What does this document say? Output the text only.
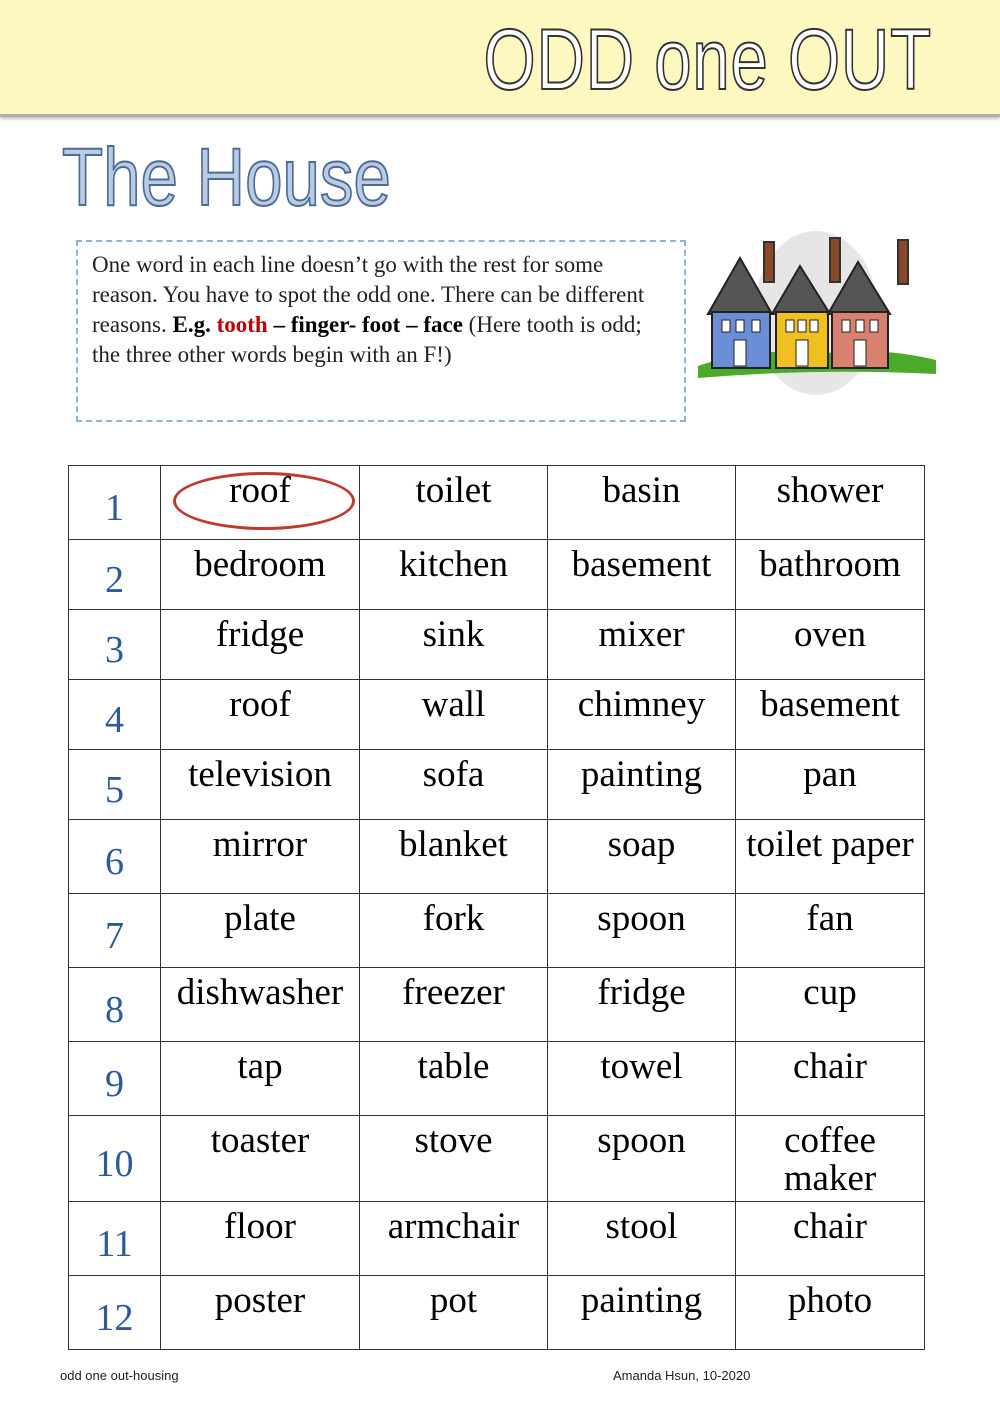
ODD one OUT
The House
One word in each line doesn’t go with the rest for some reason. You have to spot the odd one. There can be different reasons. E.g. tooth – finger- foot – face (Here tooth is odd; the three other words begin with an F!)
1	roof	toilet	basin	shower
2	bedroom	kitchen	basement	bathroom
3	fridge	sink	mixer	oven
4	roof	wall	chimney	basement
5	television	sofa	painting	pan
6	mirror	blanket	soap	toilet paper
7	plate	fork	spoon	fan
8	dishwasher	freezer	fridge	cup
9	tap	table	towel	chair
10	toaster	stove	spoon	coffee maker
11	floor	armchair	stool	chair
12	poster	pot	painting	photo
odd one out-housing	Amanda Hsun, 10-2020
